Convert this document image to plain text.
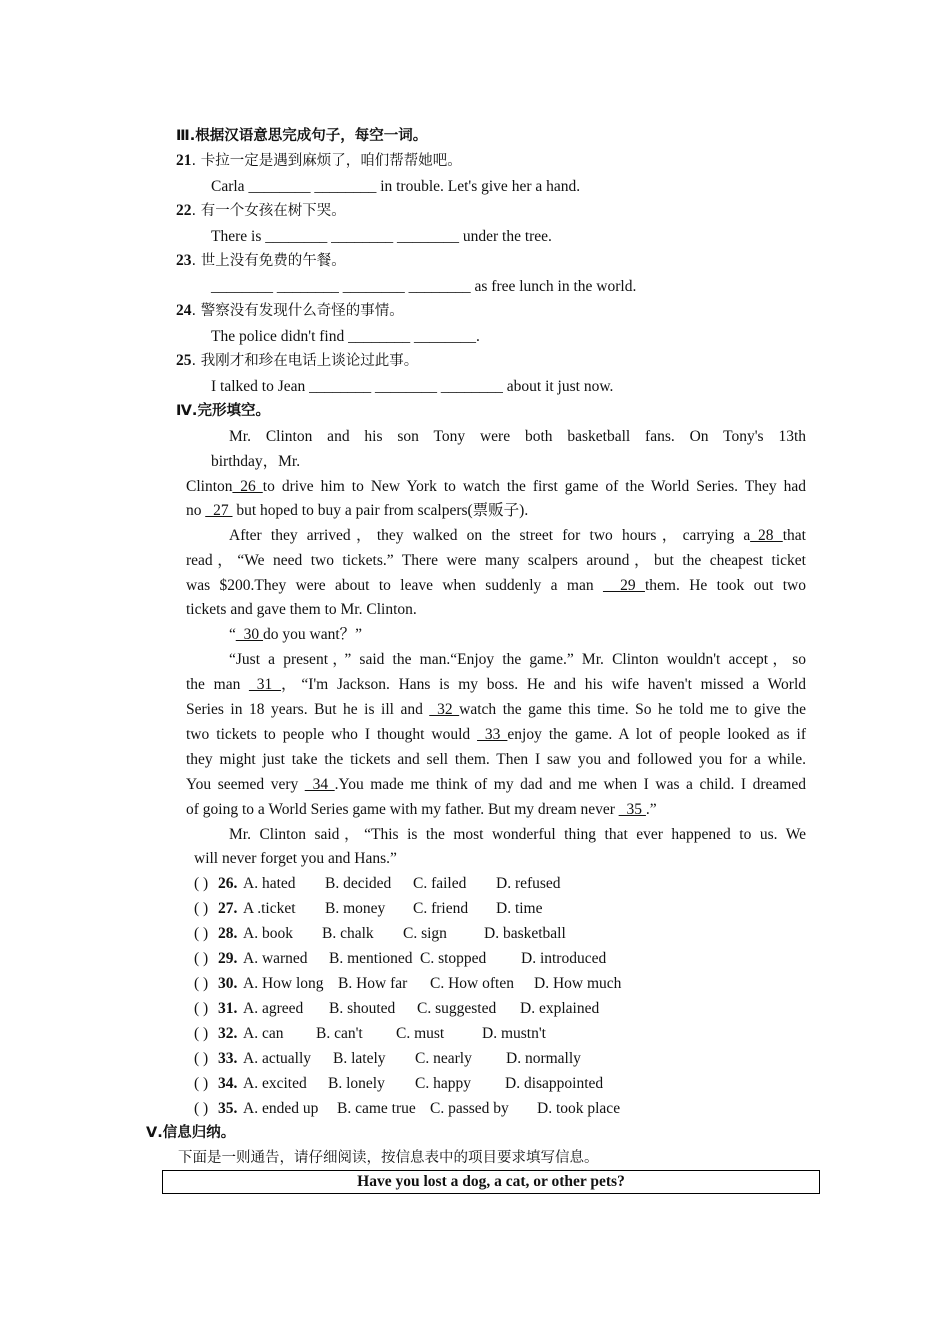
Ⅲ.根据汉语意思完成句子，每空一词。
21. 卡拉一定是遇到麻烦了，咱们帮帮她吧。
Carla ________ ________ in trouble. Let's give her a hand.
22. 有一个女孩在树下哭。
There is ________ ________ ________ under the tree.
23. 世上没有免费的午餐。
________ ________ ________ ________ as free lunch in the world.
24. 警察没有发现什么奇怪的事情。
The police didn't find ________ ________.
25. 我刚才和珍在电话上谈论过此事。
I talked to Jean ________ ________ ________ about it just now.
Ⅳ.完形填空。
Mr. Clinton and his son Tony were both basketball fans. On Tony's 13th
birthday，Mr.
Clinton_26 to drive him to New York to watch the first game of the World Series. They had
no _27  but hoped to buy a pair from scalpers(票贩子).
After they arrived，they walked on the street for two hours，carrying a_28 that
read，“We need two tickets.” There were many scalpers around，but the cheapest ticket
was $200.They were about to leave when suddenly a man  _29 them. He took out two
tickets and gave them to Mr. Clinton.
“_30 do you want？”
“Just a present，” said the man.“Enjoy the game.” Mr. Clinton wouldn't accept，so
the man _31 ，“I'm Jackson. Hans is my boss. He and his wife haven't missed a World
Series in 18 years. But he is ill and _32 watch the game this time. So he told me to give the
two tickets to people who I thought would _33 enjoy the game. A lot of people looked as if
they might just take the tickets and sell them. Then I saw you and followed you for a while.
You seemed very _34 .You made me think of my dad and me when I was a child. I dreamed
of going to a World Series game with my father. But my dream never _35 .”
Mr. Clinton said，“This is the most wonderful thing that ever happened to us. We
will never forget you and Hans.”
( ) 26. A. hated B. decided C. failed D. refused
( ) 27. A .ticket B. money C. friend D. time
( ) 28. A. book B. chalk C. sign D. basketball
( ) 29. A. warned B. mentioned C. stopped D. introduced
( ) 30. A. How long B. How far C. How often D. How much
( ) 31. A. agreed B. shouted C. suggested D. explained
( ) 32. A. can B. can't C. must D. mustn't
( ) 33. A. actually B. lately C. nearly D. normally
( ) 34. A. excited B. lonely C. happy D. disappointed
( ) 35. A. ended up B. came true C. passed by D. took place
Ⅴ.信息归纳。
下面是一则通告，请仔细阅读，按信息表中的项目要求填写信息。
Have you lost a dog, a cat, or other pets?
